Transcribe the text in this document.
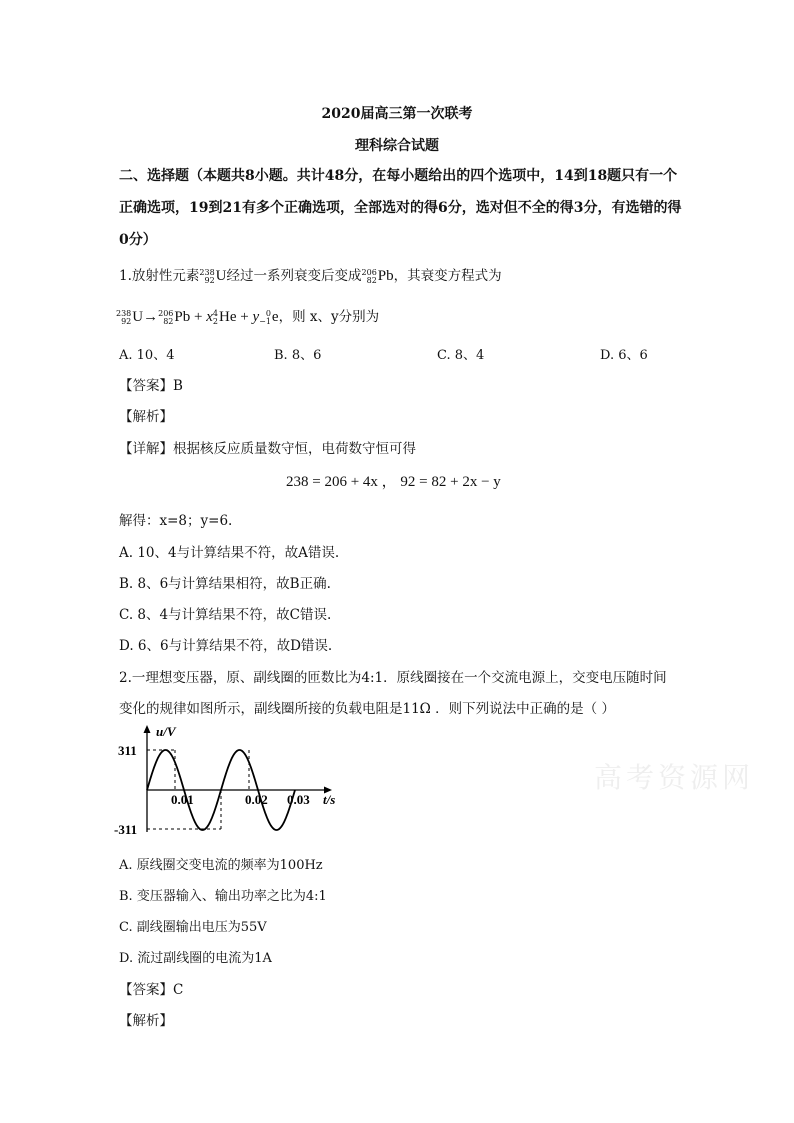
2020届高三第一次联考
理科综合试题
二、选择题（本题共8小题。共计48分，在每小题给出的四个选项中，14到18题只有一个
正确选项，19到21有多个正确选项，全部选对的得6分，选对但不全的得3分，有选错的得
0分）
1.放射性元素238
92U经过一系列衰变后变成206
82Pb，其衰变方程式为
238
92U→206
82Pb + x4
2He + y 0
−1e，则 x、y分别为
A. 10、4	B. 8、6	C. 8、4	D. 6、6
【答案】B
【解析】
【详解】根据核反应质量数守恒，电荷数守恒可得
238 = 206 + 4x ， 92 = 82 + 2x − y
解得：x=8；y=6.
A. 10、4与计算结果不符，故A错误.
B. 8、6与计算结果相符，故B正确.
C. 8、4与计算结果不符，故C错误.
D. 6、6与计算结果不符，故D错误.
2.一理想变压器，原、副线圈的匝数比为4:1．原线圈接在一个交流电源上，交变电压随时间
变化的规律如图所示，副线圈所接的负载电阻是11Ω ．则下列说法中正确的是（ ）
u/V
311
-311
0.01	0.02 0.03 t/s
高考资源网
A. 原线圈交变电流的频率为100Hz
B. 变压器输入、输出功率之比为4:1
C. 副线圈输出电压为55V
D. 流过副线圈的电流为1A
【答案】C
【解析】
